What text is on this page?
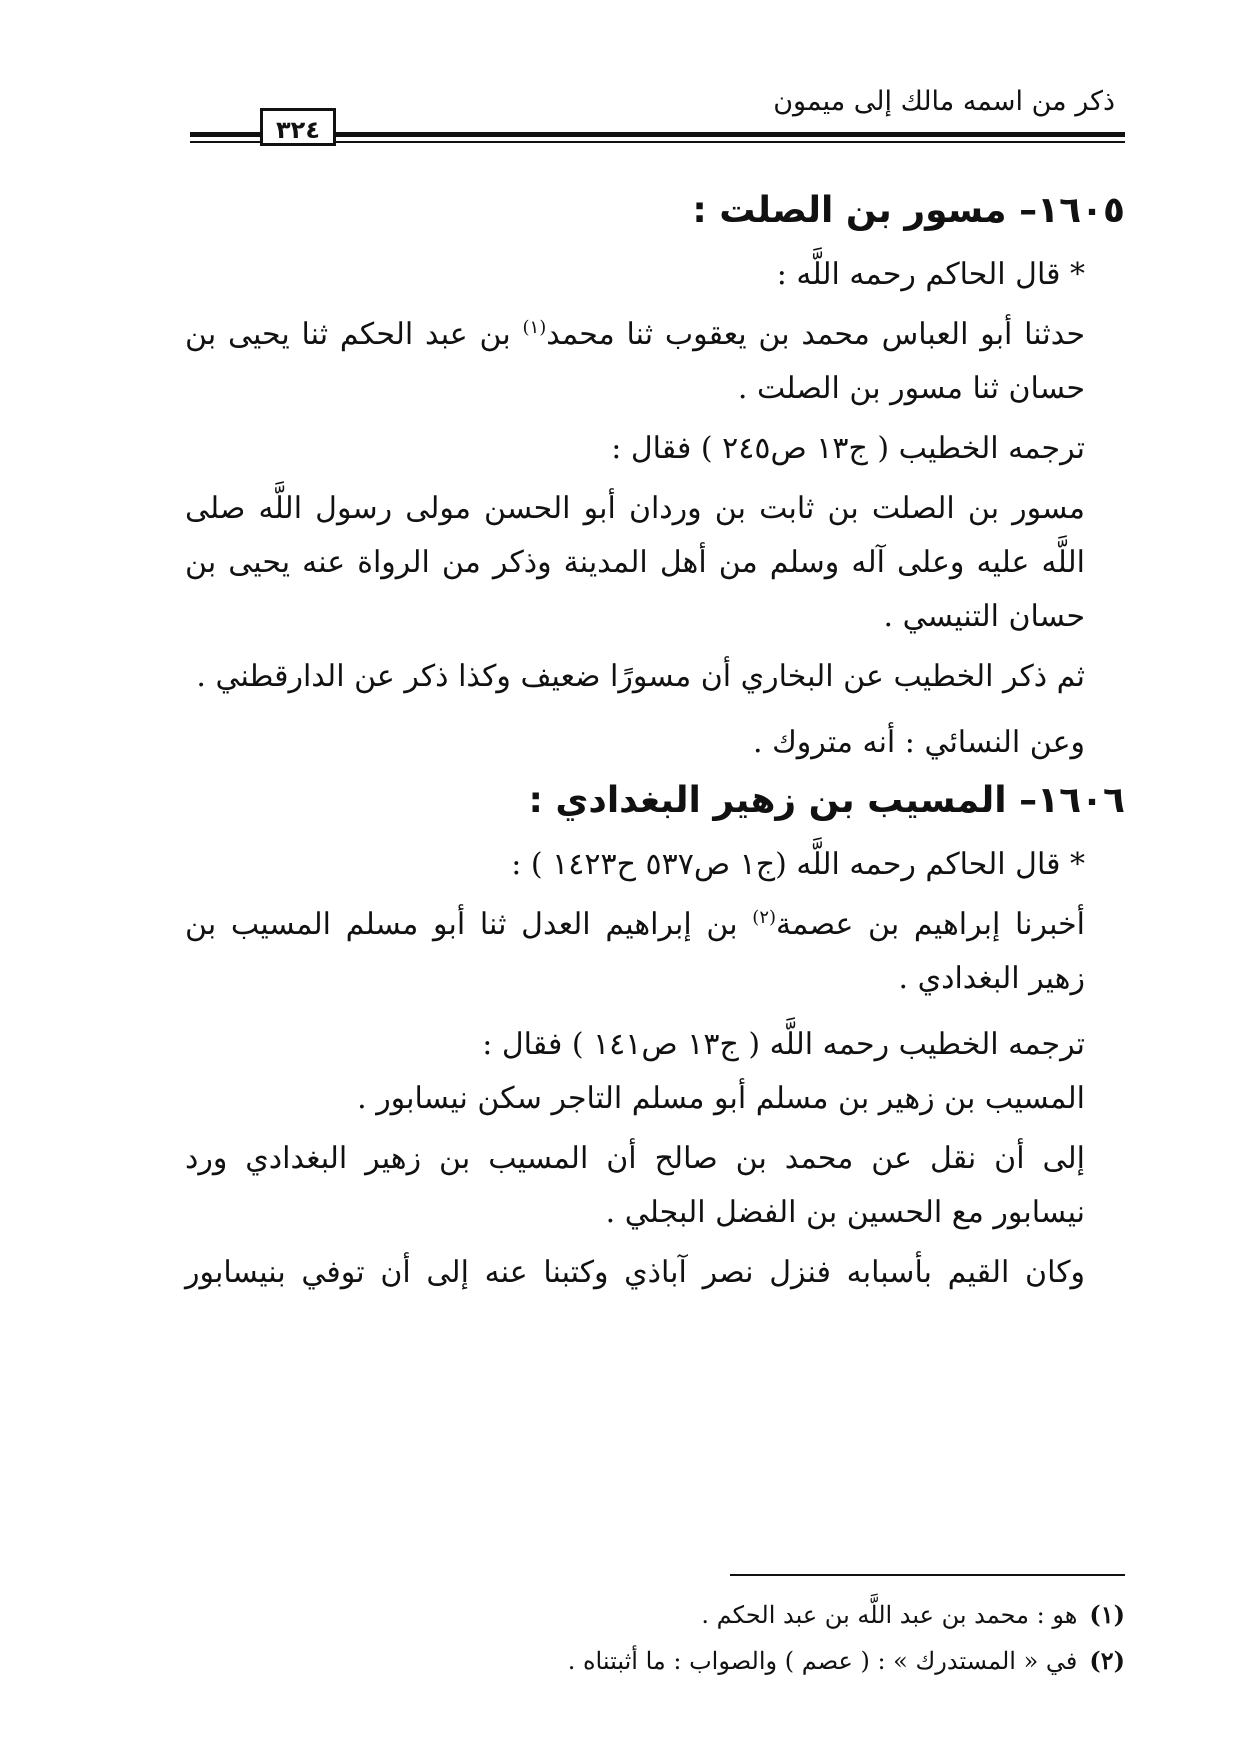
ذكر من اسمه مالك إلى ميمون
٣٢٤
١٦٠٥– مسور بن الصلت :

* قال الحاكم رحمه اللَّه :

حدثنا أبو العباس محمد بن يعقوب ثنا محمد$^{(١)}$ بن عبد الحكم ثنا يحيى بن حسان ثنا مسور بن الصلت .

ترجمه الخطيب ( ج١٣ ص٢٤٥ ) فقال :

مسور بن الصلت بن ثابت بن وردان أبو الحسن مولى رسول اللَّه صلى اللَّه عليه وعلى آله وسلم من أهل المدينة وذكر من الرواة عنه يحيى بن حسان التنيسي .

ثم ذكر الخطيب عن البخاري أن مسورًا ضعيف وكذا ذكر عن الدارقطني .

وعن النسائي : أنه متروك .

١٦٠٦– المسيب بن زهير البغدادي :

* قال الحاكم رحمه اللَّه (ج١ ص٥٣٧ ح١٤٢٣ ) :

أخبرنا إبراهيم بن عصمة$^{(٢)}$ بن إبراهيم العدل ثنا أبو مسلم المسيب بن زهير البغدادي .

ترجمه الخطيب رحمه اللَّه ( ج١٣ ص١٤١ ) فقال :

المسيب بن زهير بن مسلم أبو مسلم التاجر سكن نيسابور .

إلى أن نقل عن محمد بن صالح أن المسيب بن زهير البغدادي ورد نيسابور مع الحسين بن الفضل البجلي .

وكان القيم بأسبابه فنزل نصر آباذي وكتبنا عنه إلى أن توفي بنيسابور

(١)هو : محمد بن عبد اللَّه بن عبد الحكم .

(٢)في « المستدرك » : ( عصم ) والصواب : ما أثبتناه .
